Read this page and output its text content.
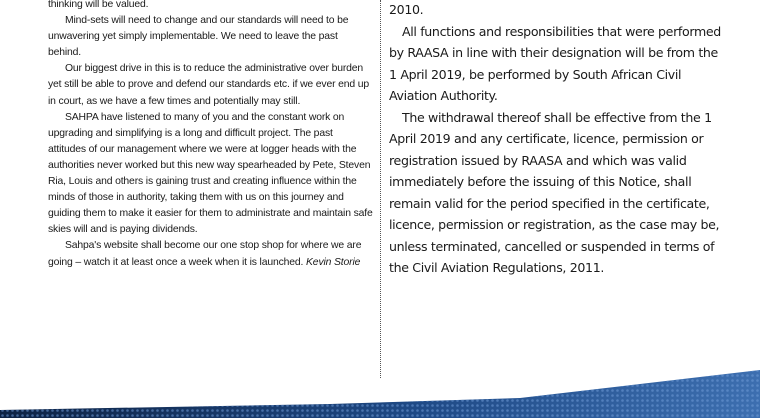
thinking will be valued.

Mind-sets will need to change and our standards will need to be unwavering yet simply implementable. We need to leave the past behind.

Our biggest drive in this is to reduce the administrative over burden yet still be able to prove and defend our standards etc. if we ever end up in court, as we have a few times and potentially may still.

SAHPA have listened to many of you and the constant work on upgrading and simplifying is a long and difficult project. The past attitudes of our management where we were at logger heads with the authorities never worked but this new way spearheaded by Pete, Steven Ria, Louis and others is gaining trust and creating influence within the minds of those in authority, taking them with us on this journey and guiding them to make it easier for them to administrate and maintain safe skies will and is paying dividends.

Sahpa's website shall become our one stop shop for where we are going – watch it at least once a week when it is launched. Kevin Storie

2010.

All functions and responsibilities that were performed by RAASA in line with their designation will be from the 1 April 2019, be performed by South African Civil Aviation Authority.

The withdrawal thereof shall be effective from the 1 April 2019 and any certificate, licence, permission or registration issued by RAASA and which was valid immediately before the issuing of this Notice, shall remain valid for the period specified in the certificate, licence, permission or registration, as the case may be, unless terminated, cancelled or suspended in terms of the Civil Aviation Regulations, 2011.
